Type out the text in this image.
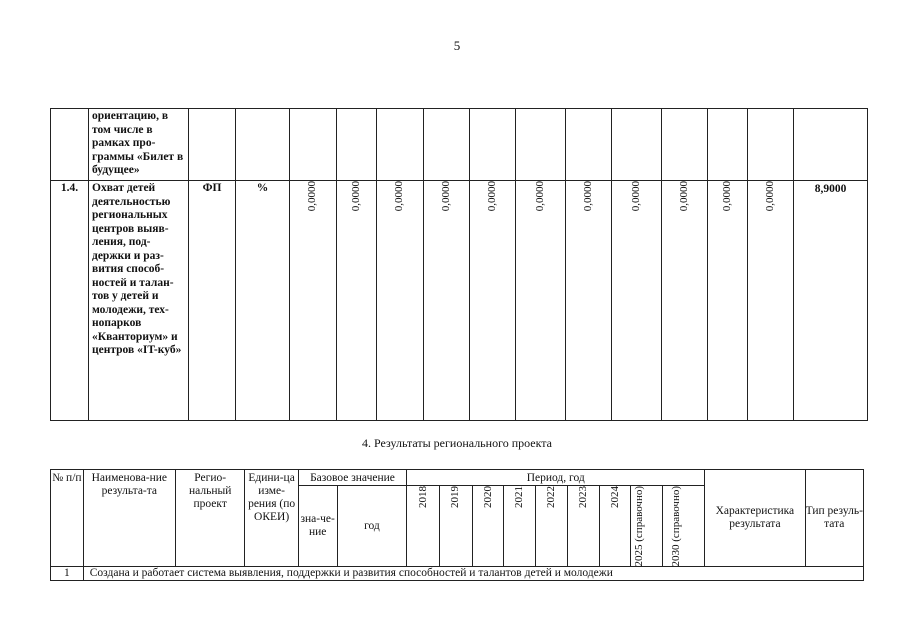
5
	ориентацию, в том числе в рамках про-граммы «Билет в будущее»														
1.4.	Охват детей деятельностью региональных центров выяв-ления, под-держки и раз-вития способ-ностей и талан-тов у детей и молодежи, тех-нопарков «Кванториум» и центров «IT-куб»	ФП	%	0,0000	0,0000	0,0000	0,0000	0,0000	0,0000	0,0000	0,0000	0,0000	0,0000	0,0000	8,9000
4. Результаты регионального проекта
№ п/п	Наименова-ние результа-та	Регио-нальный проект	Едини-ца изме-рения (по ОКЕИ)	Базовое значение		Период, год									Характеристика результата	Тип резуль-тата
				зна-че-ние	год	2018	2019	2020	2021	2022	2023	2024	2025 (справочно)	2030 (справочно)		

1	Создана и работает система выявления, поддержки и развития способностей и талантов детей и молодежи															
